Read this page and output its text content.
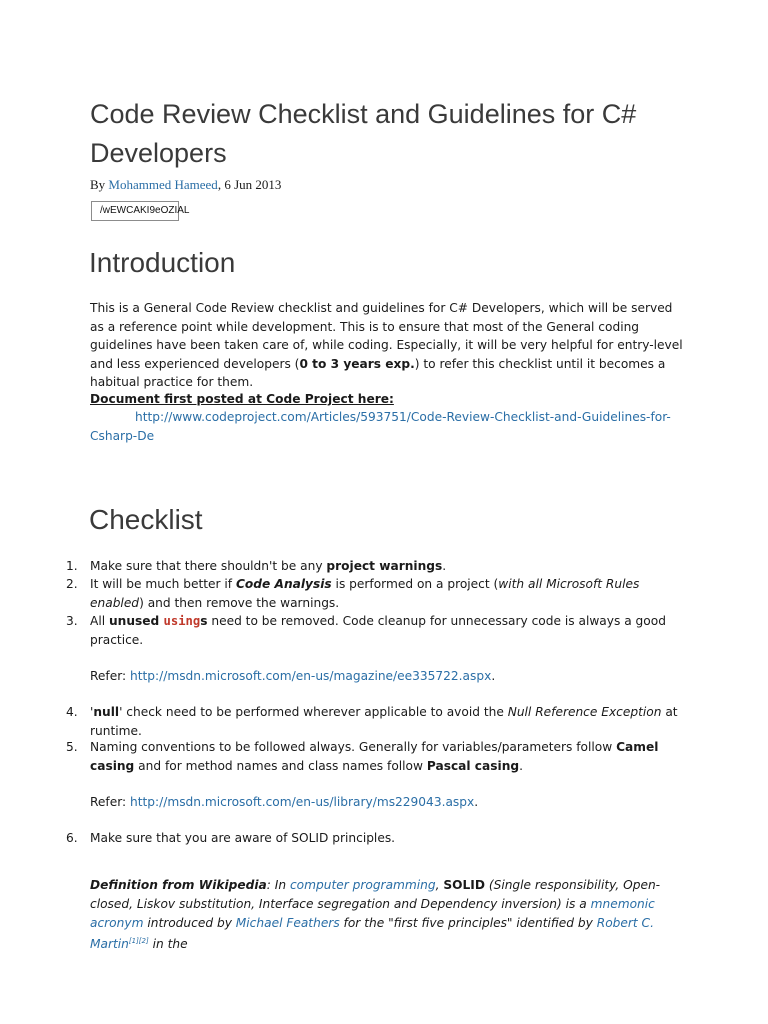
Code Review Checklist and Guidelines for C# Developers
By Mohammed Hameed, 6 Jun 2013
/wEWCAKI9eOZIAL
Introduction

This is a General Code Review checklist and guidelines for C# Developers, which will be served as a reference point while development. This is to ensure that most of the General coding guidelines have been taken care of, while coding. Especially, it will be very helpful for entry-level and less experienced developers (0 to 3 years exp.) to refer this checklist until it becomes a habitual practice for them.

Document first posted at Code Project here:
http://www.codeproject.com/Articles/593751/Code-Review-Checklist-and-Guidelines-for-Csharp-De
Checklist
1.	Make sure that there shouldn't be any project warnings.
2.	It will be much better if Code Analysis is performed on a project (with all Microsoft Rules enabled) and then remove the warnings.
3.	All unused usings need to be removed. Code cleanup for unnecessary code is always a good practice.
Refer: http://msdn.microsoft.com/en-us/magazine/ee335722.aspx.
4.	'null' check need to be performed wherever applicable to avoid the Null Reference Exception at runtime.
5.	Naming conventions to be followed always. Generally for variables/parameters follow Camel casing and for method names and class names follow Pascal casing.
Refer: http://msdn.microsoft.com/en-us/library/ms229043.aspx.
6.	Make sure that you are aware of SOLID principles.

Definition from Wikipedia: In computer programming, SOLID (Single responsibility, Open-closed, Liskov substitution, Interface segregation and Dependency inversion) is a mnemonic acronym introduced by Michael Feathers for the "first five principles" identified by Robert C. Martin[1][2] in the
